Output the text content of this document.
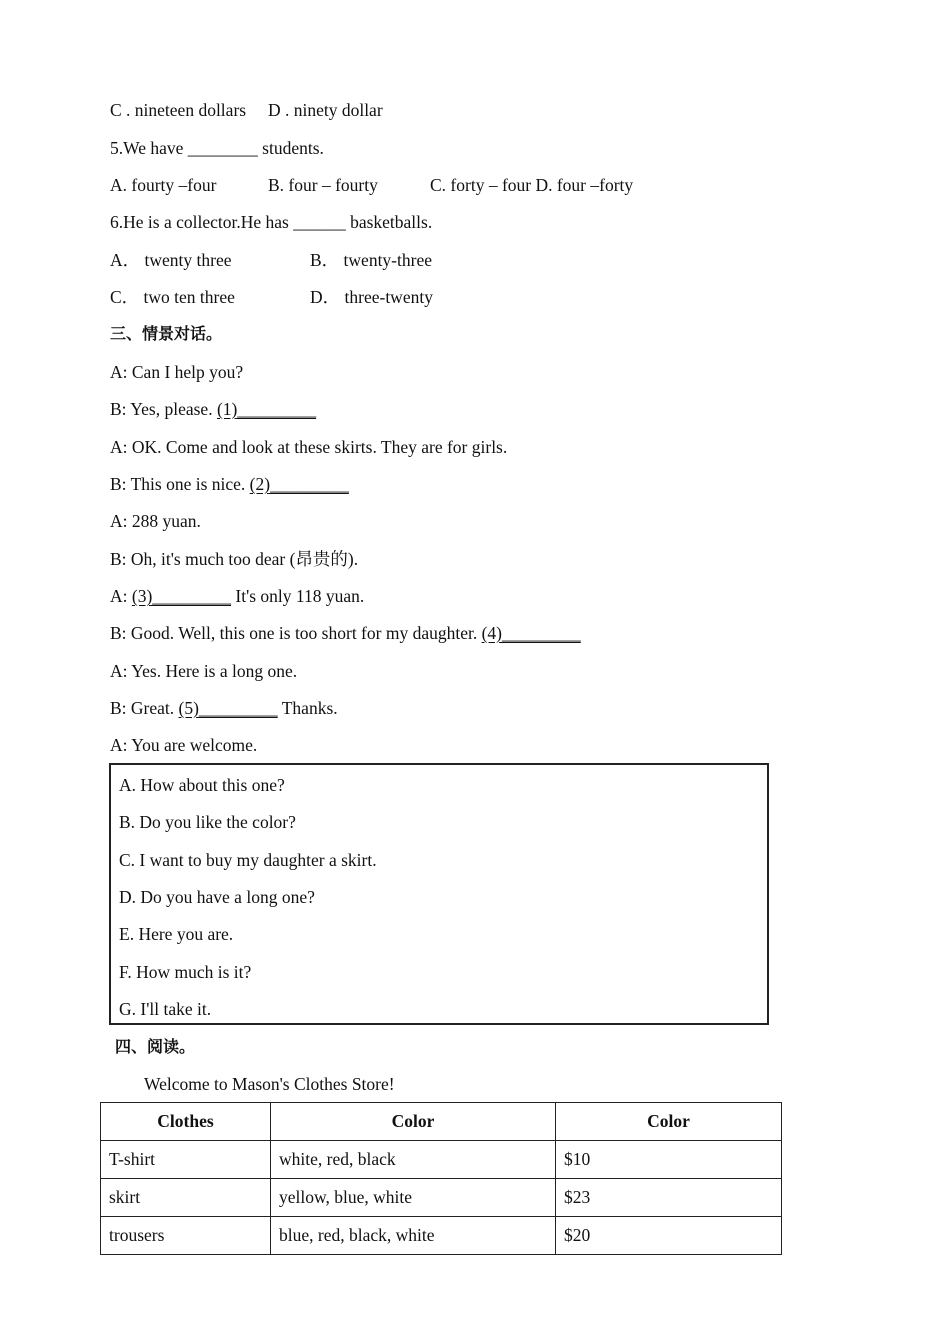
C . nineteen dollars D . ninety dollar
5.We have ________ students.
A. fourty –four	B. four – fourty	C. forty – four D. four –forty
6.He is a collector.He has ______ basketballs.
A． twenty three	B． twenty-three
C． two ten three	D． three-twenty
三、情景对话。
A: Can I help you?
B: Yes, please. (1)_________
A: OK. Come and look at these skirts. They are for girls.
B: This one is nice. (2)_________
A: 288 yuan.
B: Oh, it's much too dear (昂贵的).
A: (3)_________ It's only 118 yuan.
B: Good. Well, this one is too short for my daughter. (4)_________
A: Yes. Here is a long one.
B: Great. (5)_________ Thanks.
A: You are welcome.
A. How about this one?
B. Do you like the color?
C. I want to buy my daughter a skirt.
D. Do you have a long one?
E. Here you are.
F. How much is it?
G. I'll take it.
四、阅读。
Welcome to Mason's Clothes Store!
Clothes	Color	Color
T-shirt	white, red, black	$10
skirt	yellow, blue, white	$23
trousers	blue, red, black, white	$20
